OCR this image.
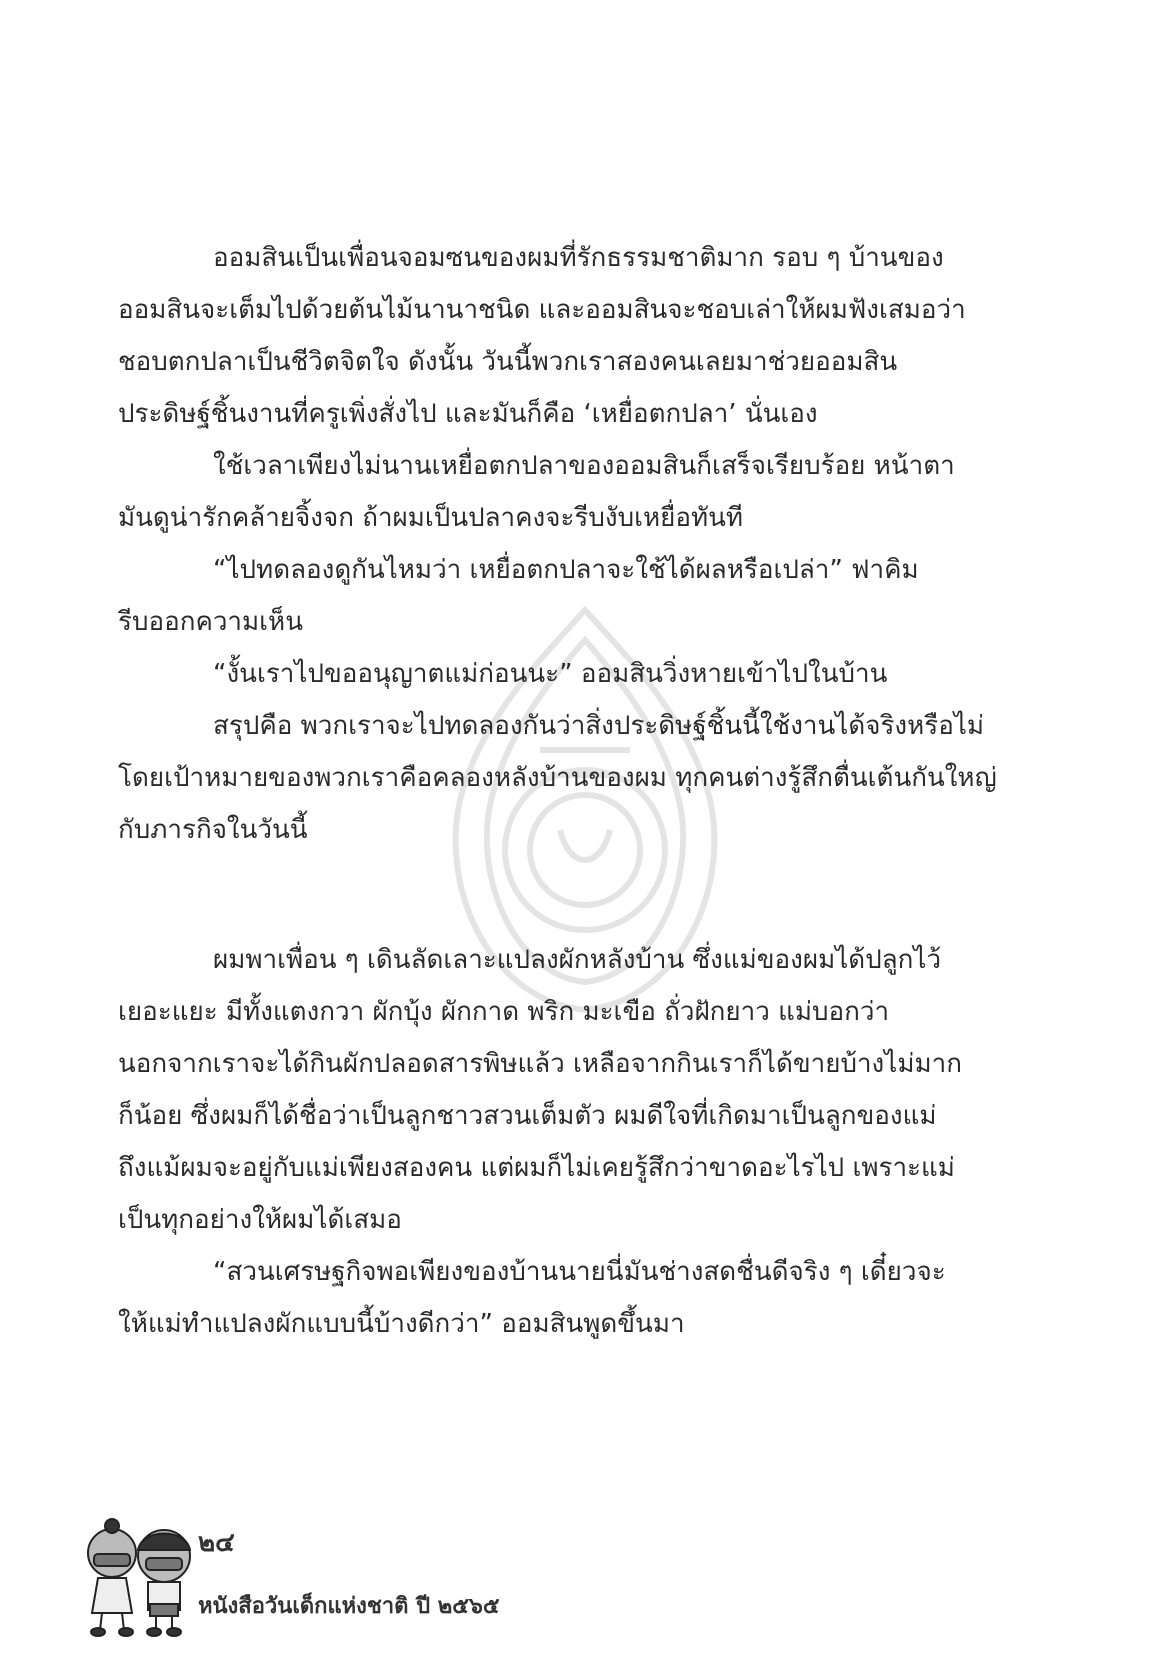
ออมสินเป็นเพื่อนจอมซนของผมที่รักธรรมชาติมาก รอบ ๆ บ้านของ
ออมสินจะเต็มไปด้วยต้นไม้นานาชนิด และออมสินจะชอบเล่าให้ผมฟังเสมอว่า
ชอบตกปลาเป็นชีวิตจิตใจ ดังนั้น วันนี้พวกเราสองคนเลยมาช่วยออมสิน
ประดิษฐ์ชิ้นงานที่ครูเพิ่งสั่งไป และมันก็คือ ‘เหยื่อตกปลา’ นั่นเอง

ใช้เวลาเพียงไม่นานเหยื่อตกปลาของออมสินก็เสร็จเรียบร้อย หน้าตา
มันดูน่ารักคล้ายจิ้งจก ถ้าผมเป็นปลาคงจะรีบงับเหยื่อทันที

“ไปทดลองดูกันไหมว่า เหยื่อตกปลาจะใช้ได้ผลหรือเปล่า” ฟาคิม
รีบออกความเห็น

“งั้นเราไปขออนุญาตแม่ก่อนนะ” ออมสินวิ่งหายเข้าไปในบ้าน

สรุปคือ พวกเราจะไปทดลองกันว่าสิ่งประดิษฐ์ชิ้นนี้ใช้งานได้จริงหรือไม่
โดยเป้าหมายของพวกเราคือคลองหลังบ้านของผม ทุกคนต่างรู้สึกตื่นเต้นกันใหญ่
กับภารกิจในวันนี้

ผมพาเพื่อน ๆ เดินลัดเลาะแปลงผักหลังบ้าน ซึ่งแม่ของผมได้ปลูกไว้
เยอะแยะ มีทั้งแตงกวา ผักบุ้ง ผักกาด พริก มะเขือ ถั่วฝักยาว แม่บอกว่า
นอกจากเราจะได้กินผักปลอดสารพิษแล้ว เหลือจากกินเราก็ได้ขายบ้างไม่มาก
ก็น้อย ซึ่งผมก็ได้ชื่อว่าเป็นลูกชาวสวนเต็มตัว ผมดีใจที่เกิดมาเป็นลูกของแม่
ถึงแม้ผมจะอยู่กับแม่เพียงสองคน แต่ผมก็ไม่เคยรู้สึกว่าขาดอะไรไป เพราะแม่
เป็นทุกอย่างให้ผมได้เสมอ

“สวนเศรษฐกิจพอเพียงของบ้านนายนี่มันช่างสดชื่นดีจริง ๆ เดี๋ยวจะ
ให้แม่ทำแปลงผักแบบนี้บ้างดีกว่า” ออมสินพูดขึ้นมา

๒๔
หนังสือวันเด็กแห่งชาติ ปี ๒๕๖๕
